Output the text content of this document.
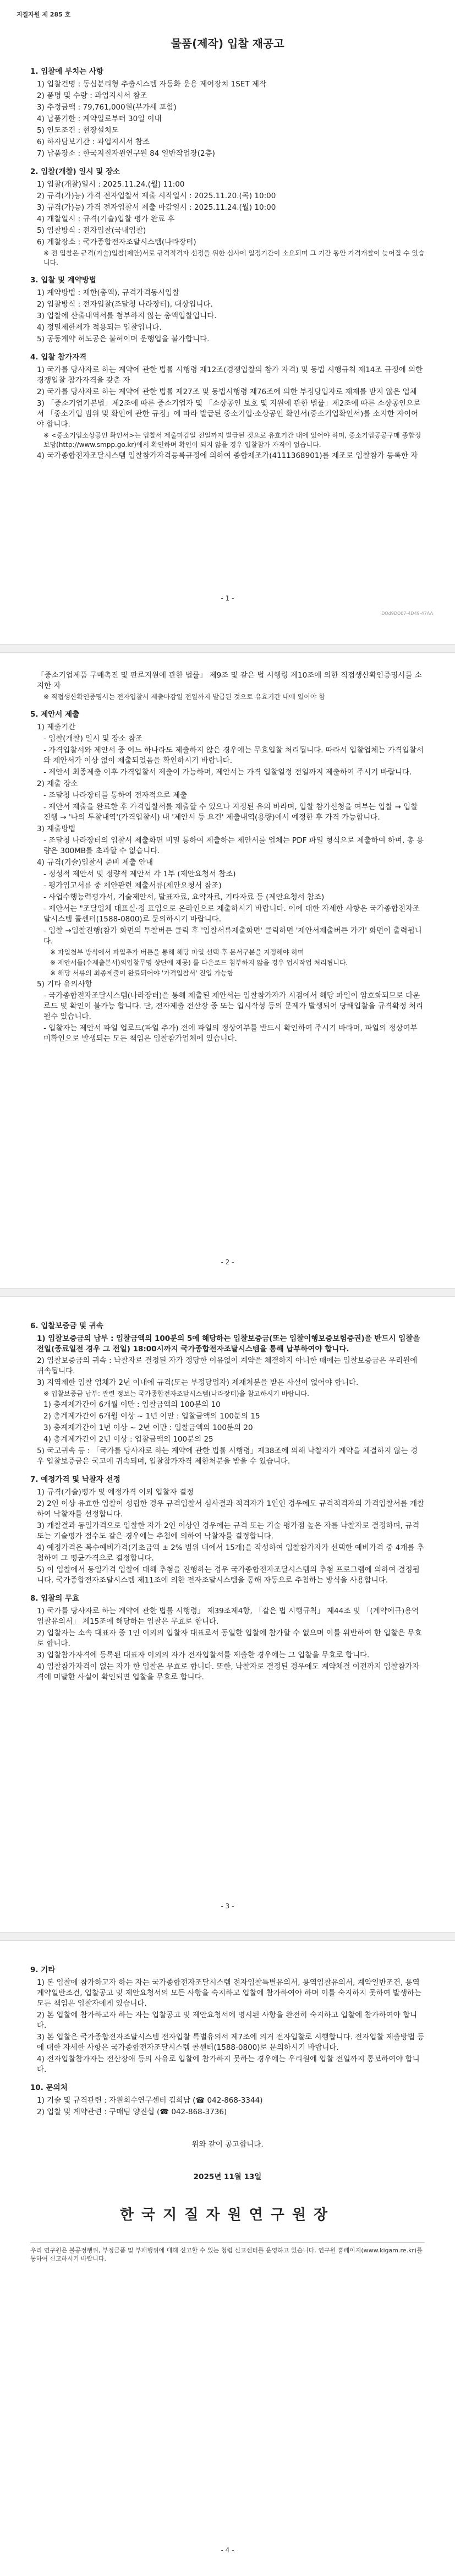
지질자원 제 285 호
물품(제작) 입찰 재공고
1. 입찰에 부치는 사항
1) 입찰건명 : 동심분리형 추출시스템 자동화 운용 제어장치 1SET 제작
2) 품명 및 수량 : 과업지시서 참조
3) 추정금액 : 79,761,000원(부가세 포함)
4) 납품기한 : 계약일로부터 30일 이내
5) 인도조건 : 현장설치도
6) 하자담보기간 : 과업지시서 참조
7) 납품장소 : 한국지질자원연구원 84 일반작업장(2층)
2. 입찰(개찰) 일시 및 장소
1) 입찰(개찰)일시 : 2025.11.24.(월) 11:00
2) 규격(가)능) 가격 전자입찰서 제출 시작일시 : 2025.11.20.(목) 10:00
3) 규격(가)능) 가격 전자입찰서 제출 마감일시 : 2025.11.24.(월) 10:00
4) 개찰일시 : 규격(기술)입찰 평가 완료 후
5) 입찰방식 : 전자입찰(국내입찰)
6) 계찰장소 : 국가종합전자조달시스템(나라장터)
※ 전 입찰은 규격(기술)입찰(제안)서로 규격적격자 선정을 위한 심사에 일정기간이 소요되며 그 기간 동안 가격개찰이 늦어질 수 있습니다.
3. 입찰 및 계약방법
1) 계약방법 : 제한(총액), 규격가격동시입찰
2) 입찰방식 : 전자입찰(조달청 나라장터), 대상입니다.
3) 입찰에 산출내역서를 첨부하지 않는 총액입찰입니다.
4) 정밀제한제가 적용되는 입찰입니다.
5) 공동계약 허도공은 불허이며 운행입을 불가합니다.
4. 입찰 참가자격
1) 국가를 당사자로 하는 계약에 관한 법률 시행령 제12조(경쟁입찰의 참가 자격) 및 동법 시행규칙 제14조 규정에 의한 경쟁입찰 참가자격을 갖춘 자
2) 국가를 당사자로 하는 계약에 관한 법률 제27조 및 동법시행령 제76조에 의한 부정당업자로 제재를 받지 않은 업체
3) 「중소기업기본법」제2조에 따른 중소기업자 및 「소상공인 보호 및 지원에 관한 법률」제2조에 따른 소상공인으로서 「중소기업 범위 및 확인에 관한 규정」에 따라 발급된 중소기업·소상공인 확인서(중소기업확인서)를 소지한 자이어야 합니다.
※ <중소기업소상공인 확인서>는 입찰서 제출마감일 전일까지 발급된 것으로 유효기간 내에 있어야 하며, 중소기업공공구매 종합정보망(http://www.smpp.go.kr)에서 확인하며 확인이 되지 않을 경우 입찰참가 자격이 없습니다.
4) 국가종합전자조달시스템 입찰참가자격등록규정에 의하여 종합제조가(4111368901)를 제조로 입찰참가 등록한 자
- 1 -
DOd9DO07-4D49-47AA
「중소기업제품 구매촉진 및 판로지원에 관한 법률」 제9조 및 같은 법 시행령 제10조에 의한 직접생산확인증명서를 소지한 자
※ 직접생산확인증명서는 전자입찰서 제출마감일 전일까지 발급된 것으로 유효기간 내에 있어야 함
5. 제안서 제출
1) 제출기간
- 입찰(개찰) 일시 및 장소 참조
- 가격입찰서와 제안서 중 어느 하나라도 제출하지 않은 경우에는 무효입찰 처리됩니다. 따라서 입찰업체는 가격입찰서와 제안서가 이상 없이 제출되었음을 확인하시기 바랍니다.
- 제안서 최종제출 이후 가격입찰서 제출이 가능하며, 제안서는 가격 입찰일정 전일까지 제출하여 주시기 바랍니다.
2) 제출 장소
- 조달청 나라장터를 통하여 전자적으로 제출
- 제안서 제출을 완료한 후 가격입찰서를 제출할 수 있으나 지정된 유의 바라며, 입찰 참가신청을 여부는 입찰 → 입찰진행 → '나의 투찰내역'(가격입찰서) 내 '제안서 등 요건' 제출내역(용량)에서 예정한 후 가격 가능합니다.
3) 제출방법
- 조달청 나라장터의 입찰서 제출화면 비밀 통하여 제출하는 제안서를 업체는 PDF 파일 형식으로 제출하여 하며, 총 용량은 300MB를 초과할 수 없습니다.
4) 규격(기술)입찰서 준비 제출 안내
- 정성적 제안서 및 정량적 제안서 각 1부 (제안요청서 참조)
- 평가입고서류 중 제안관련 제출서류(제안요청서 참조)
- 사업수행능력평가서, 기술제안서, 발표자료, 요약자료, 기타자료 등 (제안요청서 참조)
- 제안서는 "조달업체 대표실·정 표입으로 온라인으로 제출하시기 바랍니다. 이에 대한 자세한 사항은 국가종합전자조달시스템 콜센터(1588-0800)로 문의하시기 바랍니다.
- 입찰 →입찰진행(참가 화면의 투찰버튼 클릭 후 '입찰서류제출화면' 클릭하면 '제안서제출버튼 가기' 화면이 출력됩니다.
※ 파일첨부 방식에서 파일추가 버튼을 통해 해당 파일 선택 후 문서구분을 지정해야 하며
※ 제안서들(수제출본서)의입찰무명 상단에 제공) 를 다운로드 첨부하지 않을 경우 업시작업 처리됩니다.
※ 해당 서류의 최종제출이 완료되어야 '가격입찰서' 진입 가능함
5) 기타 유의사항
- 국가종합전자조달시스템(나라장터)을 통해 제출된 제안서는 입찰참가자가 시점에서 해당 파일이 암호화되므로 다운로드 및 확인이 불가능 합니다. 단, 전자제출 전산장 중 또는 입시작성 등의 문제가 발생되어 당해입찰을 규격확정 처리될수 있습니다.
- 입찰자는 제안서 파일 업로드(파일 추가) 전에 파일의 정상여부를 반드시 확인하여 주시기 바라며, 파일의 정상여부 미확인으로 발생되는 모든 책임은 입찰참가업체에 있습니다.
- 2 -
6. 입찰보증금 및 귀속
1) 입찰보증금의 납부 : 입찰금액의 100분의 5에 해당하는 입찰보증금(또는 입찰이행보증보험증권)을 반드시 입찰을 전일(종료일전 경우 그 전일) 18:00시까지 국가종합전자조달시스템을 통해 납부하여야 합니다.
2) 입찰보증금의 귀속 : 낙찰자로 결정된 자가 정당한 이유없이 계약을 체결하지 아니한 때에는 입찰보증금은 우리원에 귀속됩니다.
3) 지역제한 입찰 업체가 2년 이내에 규격(또는 부정당업자) 제재처분을 받은 사실이 없어야 합니다.
※ 입찰보증금 납부: 관련 정보는 국가종합전자조달시스템(나라장터)을 참고하시기 바랍니다.
1) 총계제가간이 6개월 이만 : 입찰금액의 100분의 10
2) 총계제가간이 6개월 이상 ~ 1년 이만 : 입찰금액의 100분의 15
3) 총계제가간이 1년 이상 ~ 2년 이만 : 입찰금액의 100분의 20
4) 총계제가간이 2년 이상 : 입찰금액의 100분의 25
5) 국고귀속 등 : 「국가를 당사자로 하는 계약에 관한 법률 시행령」제38조에 의해 낙찰자가 계약을 체결하지 않는 경우 입찰보증금은 국고에 귀속되며, 입찰참가자격 제한처분을 받을 수 있습니다.
7. 예정가격 및 낙찰자 선정
1) 규격(기술)평가 및 예정가격 이외 입찰자 결정
2) 2인 이상 유효한 입찰이 성립한 경우 규격입찰서 심사결과 적격자가 1인인 경우에도 규격적격자의 가격입찰서를 개찰하여 낙찰자를 선정합니다.
3) 개찰결과 동일가격으로 입찰한 자가 2인 이상인 경우에는 규격 또는 기술 평가점 높은 자를 낙찰자로 결정하며, 규격 또는 기술평가 점수도 같은 경우에는 추첨에 의하여 낙찰자를 결정합니다.
4) 예정가격은 복수예비가격(기초금액 ± 2% 범위 내에서 15개)을 작성하여 입찰참가자가 선택한 예비가격 중 4개를 추첨하여 그 평균가격으로 결정합니다.
5) 이 입찰에서 동일가격 입찰에 대해 추첨을 진행하는 경우 국가종합전자조달시스템의 추첨 프로그램에 의하여 결정됩니다. 국가종합전자조달시스템 제11조에 의한 전자조달시스템을 통해 자동으로 추첨하는 방식을 사용합니다.
8. 입찰의 무효
1) 국가를 당사자로 하는 계약에 관한 법률 시행령」 제39조제4항, 「같은 법 시행규칙」 제44조 및 「(계약예규)용역입찰유의서」 제15조에 해당하는 입찰은 무효로 합니다.
2) 입찰자는 소속 대표자 중 1인 이외의 입찰자 대표로서 동일한 입찰에 참가할 수 없으며 이를 위반하여 한 입찰은 무효로 합니다.
3) 입찰참가자격에 등록된 대표자 이외의 자가 전자입찰서를 제출한 경우에는 그 입찰을 무효로 합니다.
4) 입찰참가자격이 없는 자가 한 입찰은 무효로 합니다. 또한, 낙찰자로 결정된 경우에도 계약체결 이전까지 입찰참가자격에 미달한 사실이 확인되면 입찰을 무효로 합니다.
- 3 -
9. 기타
1) 본 입찰에 참가하고자 하는 자는 국가종합전자조달시스템 전자입찰특별유의서, 용역입찰유의서, 계약일반조건, 용역계약일반조건, 입찰공고 및 제안요청서의 모든 사항을 숙지하고 입찰에 참가하여야 하며 이를 숙지하지 못하여 발생하는 모든 책임은 입찰자에게 있습니다.
2) 본 입찰에 참가하고자 하는 자는 입찰공고 및 제안요청서에 명시된 사항을 완전히 숙지하고 입찰에 참가하여야 합니다.
3) 본 입찰은 국가종합전자조달시스템 전자입찰 특별유의서 제7조에 의거 전자입찰로 시행합니다. 전자입찰 제출방법 등에 대한 자세한 사항은 국가종합전자조달시스템 콜센터(1588-0800)로 문의하시기 바랍니다.
4) 전자입찰참가자는 전산장애 등의 사유로 입찰에 참가하지 못하는 경우에는 우리원에 입찰 전일까지 통보하여야 합니다.
10. 문의처
1) 기술 및 규격관련 : 자원회수연구센터 김희남 (☎ 042-868-3344)
2) 입찰 및 계약관련 : 구매팀 양진섭 (☎ 042-868-3736)
위와 같이 공고합니다.
2025년 11월 13일
한국지질자원연구원장
우리 연구원은 불공정행위, 부정금품 및 부패행위에 대해 신고할 수 있는 청렴 신고센터를 운영하고 있습니다. 연구원 홈페이지(www.kigam.re.kr)를 통하여 신고하시기 바랍니다.
- 4 -
